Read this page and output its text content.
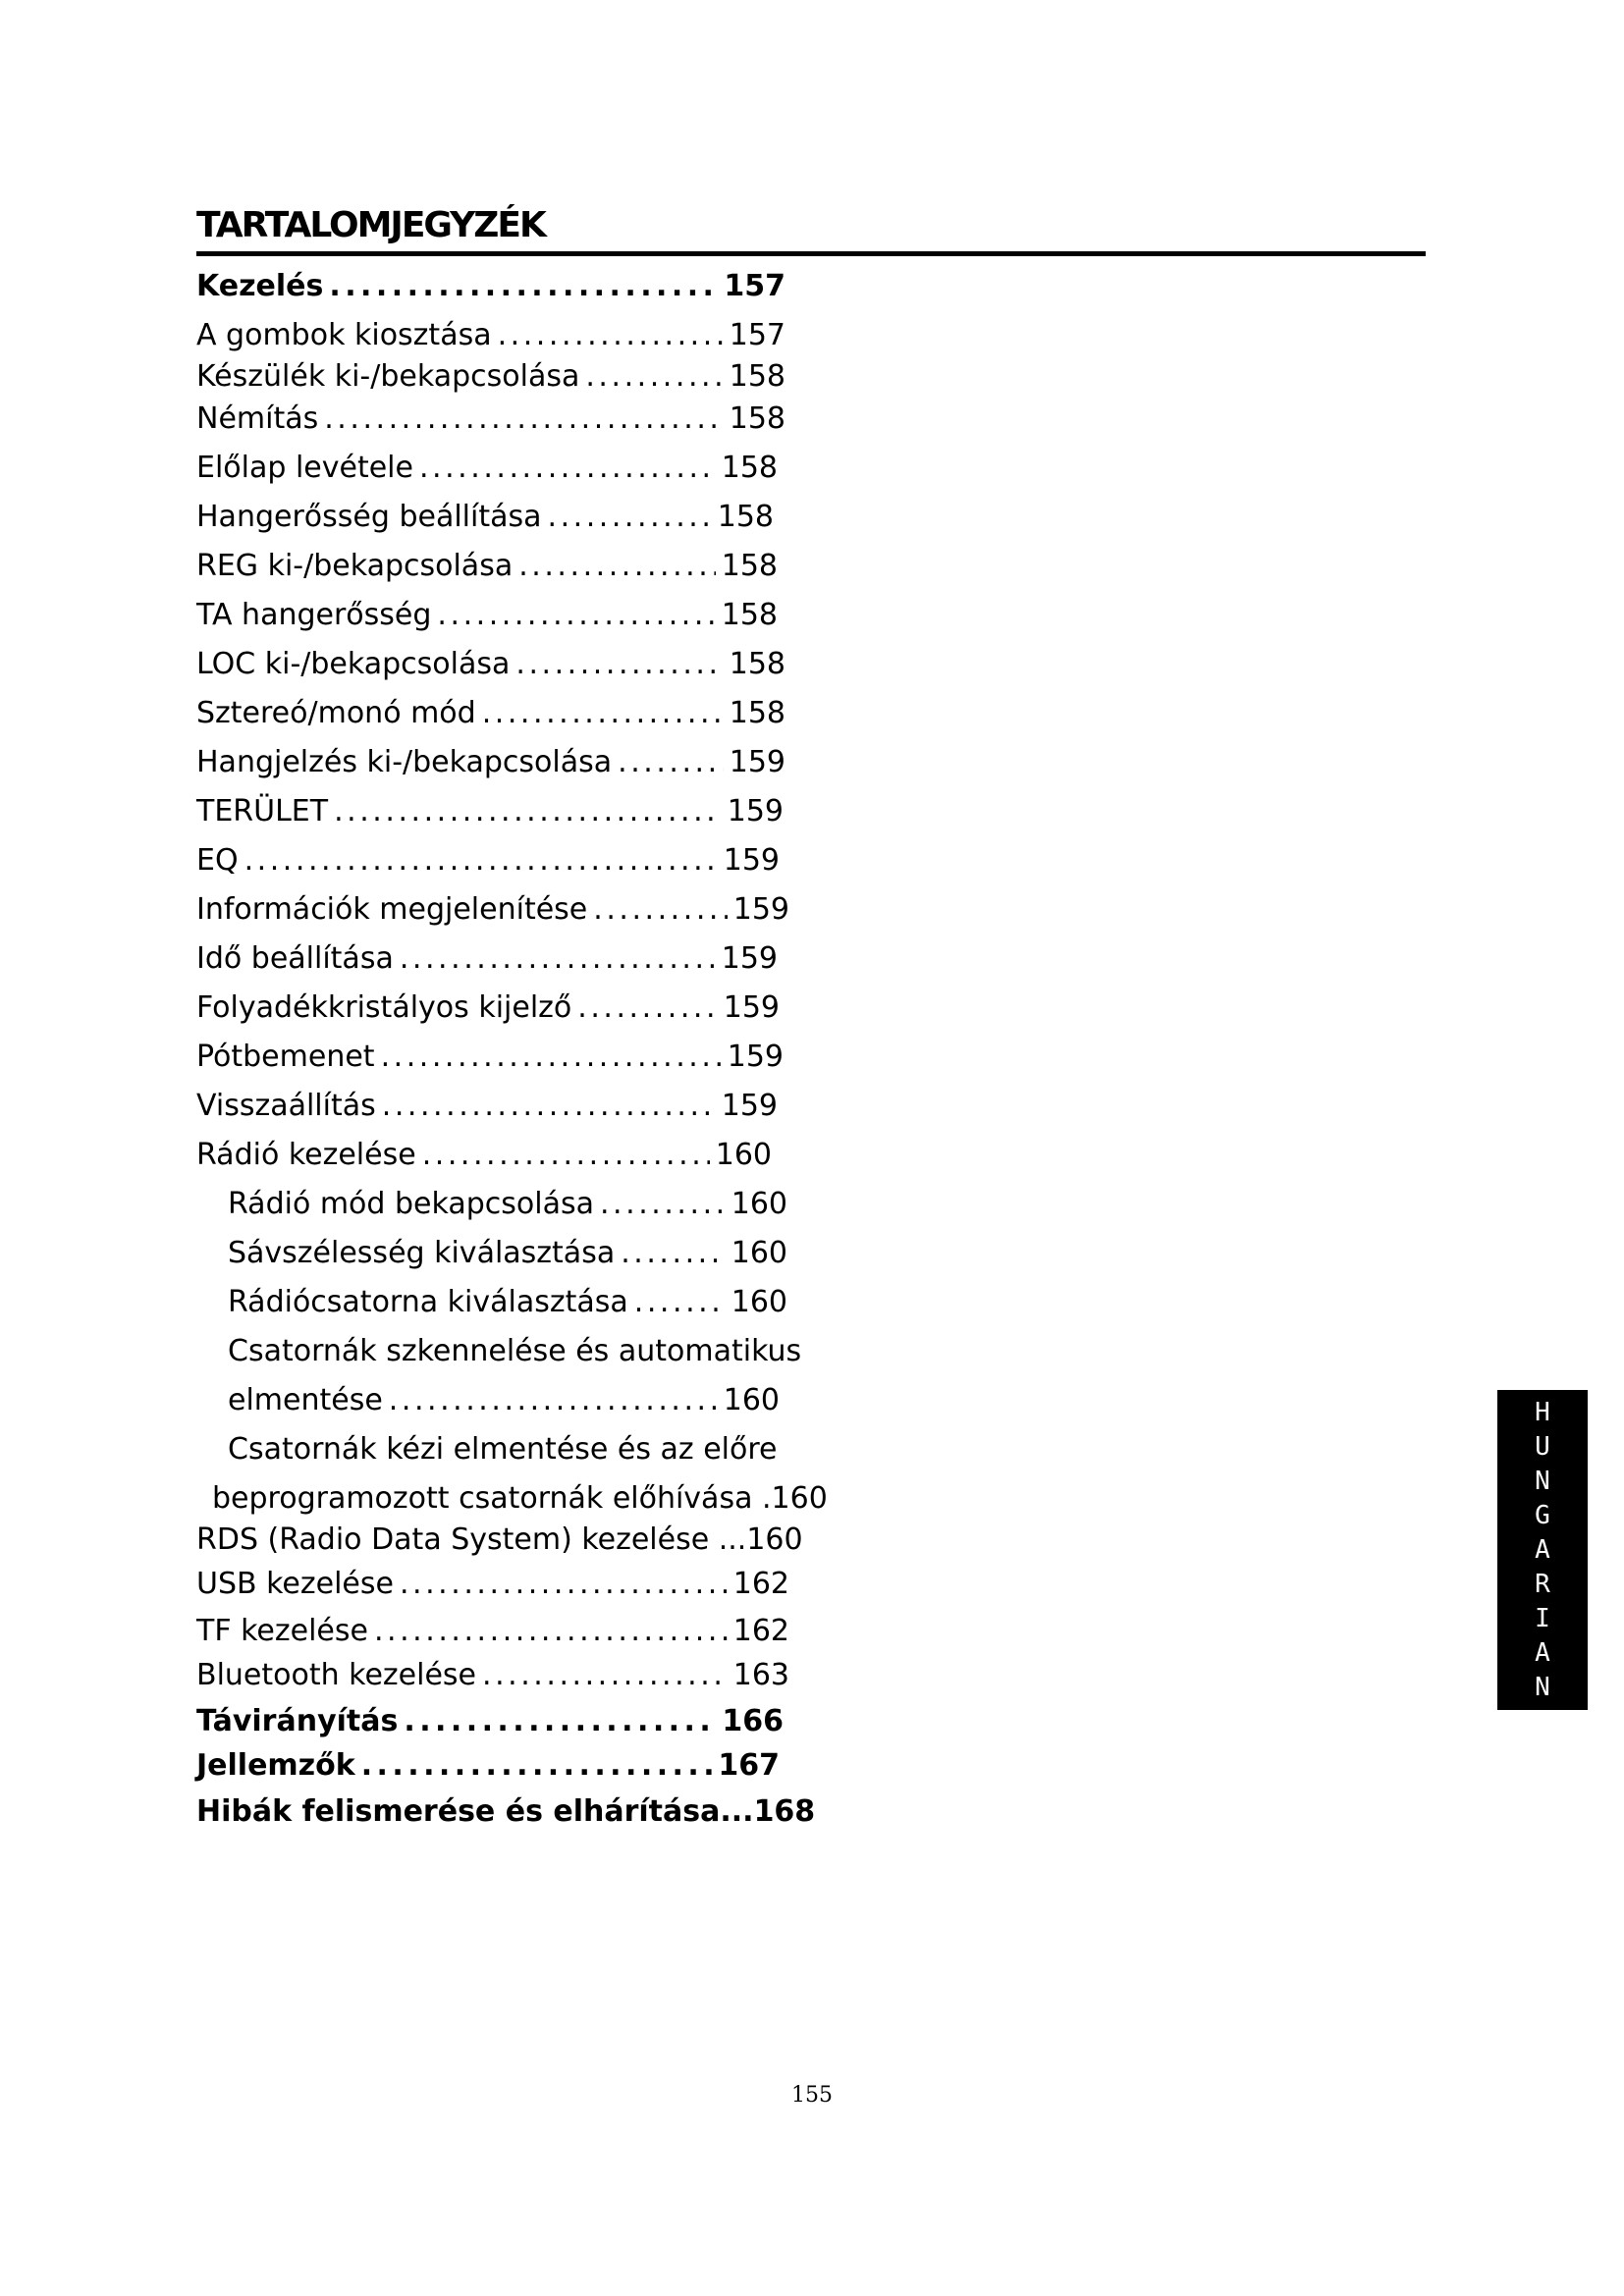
TARTALOMJEGYZÉK
Kezelés . . .	157
A gombok kiosztása . . .	157
Készülék ki-/bekapcsolása . . .	158
Némítás . . .	158
Előlap levétele . . .	158
Hangerősség beállítása . . .	158
REG ki-/bekapcsolása . . .	158
TA hangerősség . . .	158
LOC ki-/bekapcsolása . . .	158
Sztereó/monó mód . . .	158
Hangjelzés ki-/bekapcsolása . . .	159
TERÜLET . . .	159
EQ . . .	159
Információk megjelenítése . . .	159
Idő beállítása . . .	159
Folyadékkristályos kijelző . . .	159
Pótbemenet . . .	159
Visszaállítás . . .	159
Rádió kezelése . . .	160
Rádió mód bekapcsolása . . .	160
Sávszélesség kiválasztása . . .	160
Rádiócsatorna kiválasztása . . .	160
Csatornák szkennelése és automatikus
elmentése . . .	160
Csatornák kézi elmentése és az előre
beprogramozott csatornák előhívása . 160
RDS (Radio Data System) kezelése ... 160
USB kezelése . . .	162
TF kezelése . . .	162
Bluetooth kezelése . . .	163
Távirányítás . . .	166
Jellemzők . . .	167
Hibák felismerése és elhárítása... 168
H
U
N
G
A
R
I
A
N
155
